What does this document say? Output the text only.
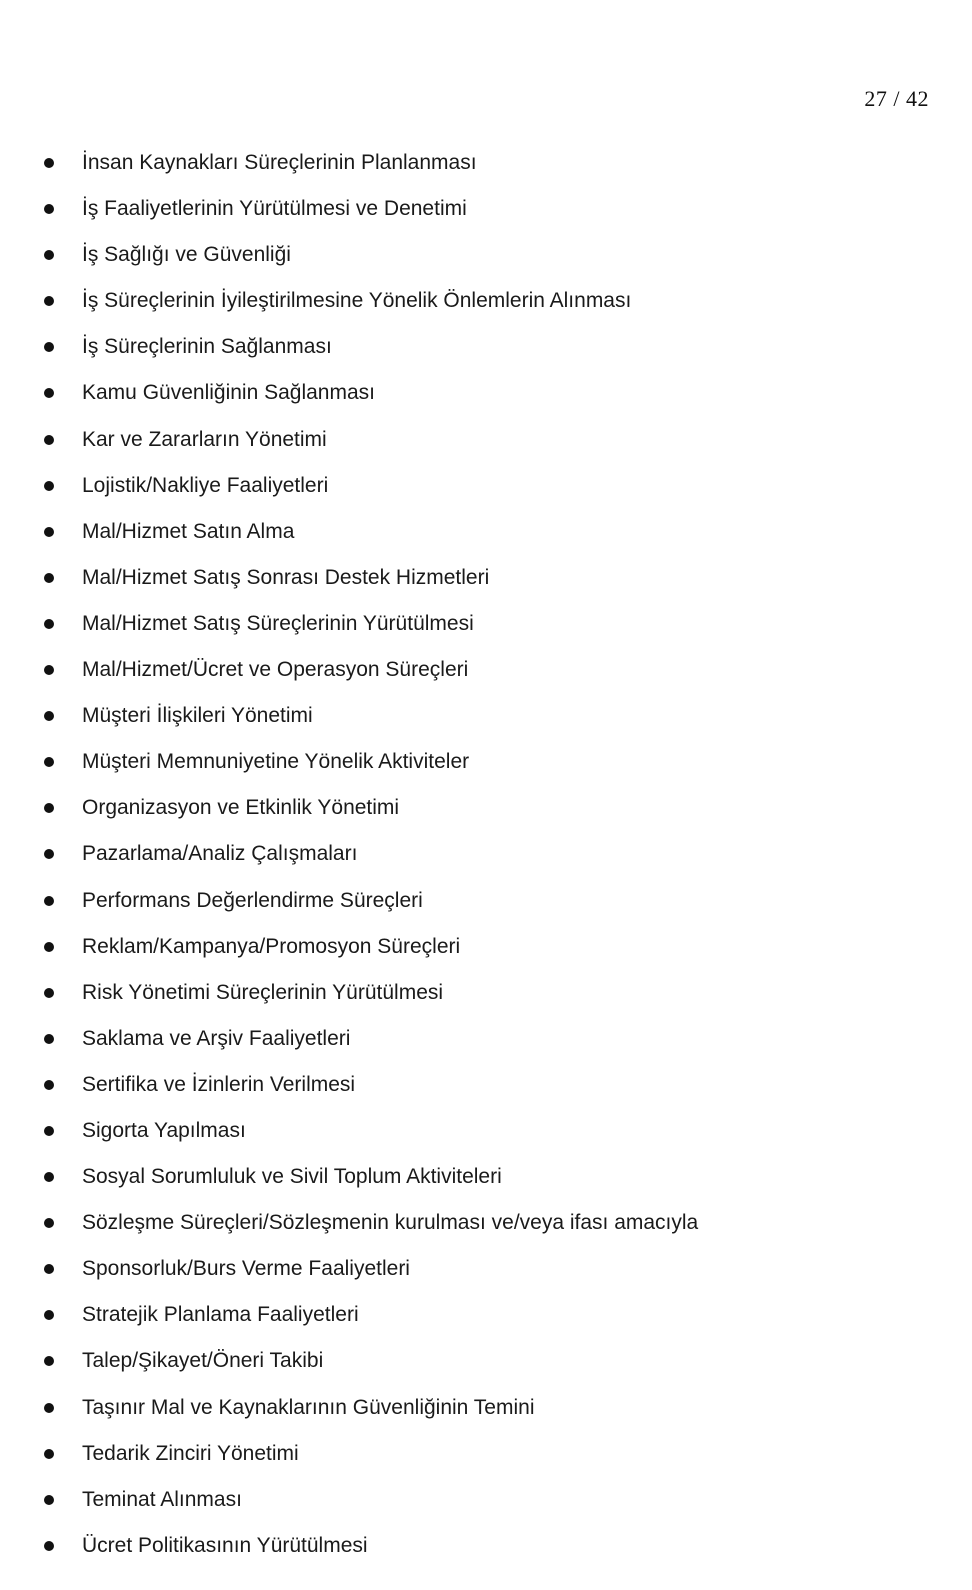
27 / 42
İnsan Kaynakları Süreçlerinin Planlanması
İş Faaliyetlerinin Yürütülmesi ve Denetimi
İş Sağlığı ve Güvenliği
İş Süreçlerinin İyileştirilmesine Yönelik Önlemlerin Alınması
İş Süreçlerinin Sağlanması
Kamu Güvenliğinin Sağlanması
Kar ve Zararların Yönetimi
Lojistik/Nakliye Faaliyetleri
Mal/Hizmet Satın Alma
Mal/Hizmet Satış Sonrası Destek Hizmetleri
Mal/Hizmet Satış Süreçlerinin Yürütülmesi
Mal/Hizmet/Ücret ve Operasyon Süreçleri
Müşteri İlişkileri Yönetimi
Müşteri Memnuniyetine Yönelik Aktiviteler
Organizasyon ve Etkinlik Yönetimi
Pazarlama/Analiz Çalışmaları
Performans Değerlendirme Süreçleri
Reklam/Kampanya/Promosyon Süreçleri
Risk Yönetimi Süreçlerinin Yürütülmesi
Saklama ve Arşiv Faaliyetleri
Sertifika ve İzinlerin Verilmesi
Sigorta Yapılması
Sosyal Sorumluluk ve Sivil Toplum Aktiviteleri
Sözleşme Süreçleri/Sözleşmenin kurulması ve/veya ifası amacıyla
Sponsorluk/Burs Verme Faaliyetleri
Stratejik Planlama Faaliyetleri
Talep/Şikayet/Öneri Takibi
Taşınır Mal ve Kaynaklarının Güvenliğinin Temini
Tedarik Zinciri Yönetimi
Teminat Alınması
Ücret Politikasının Yürütülmesi
